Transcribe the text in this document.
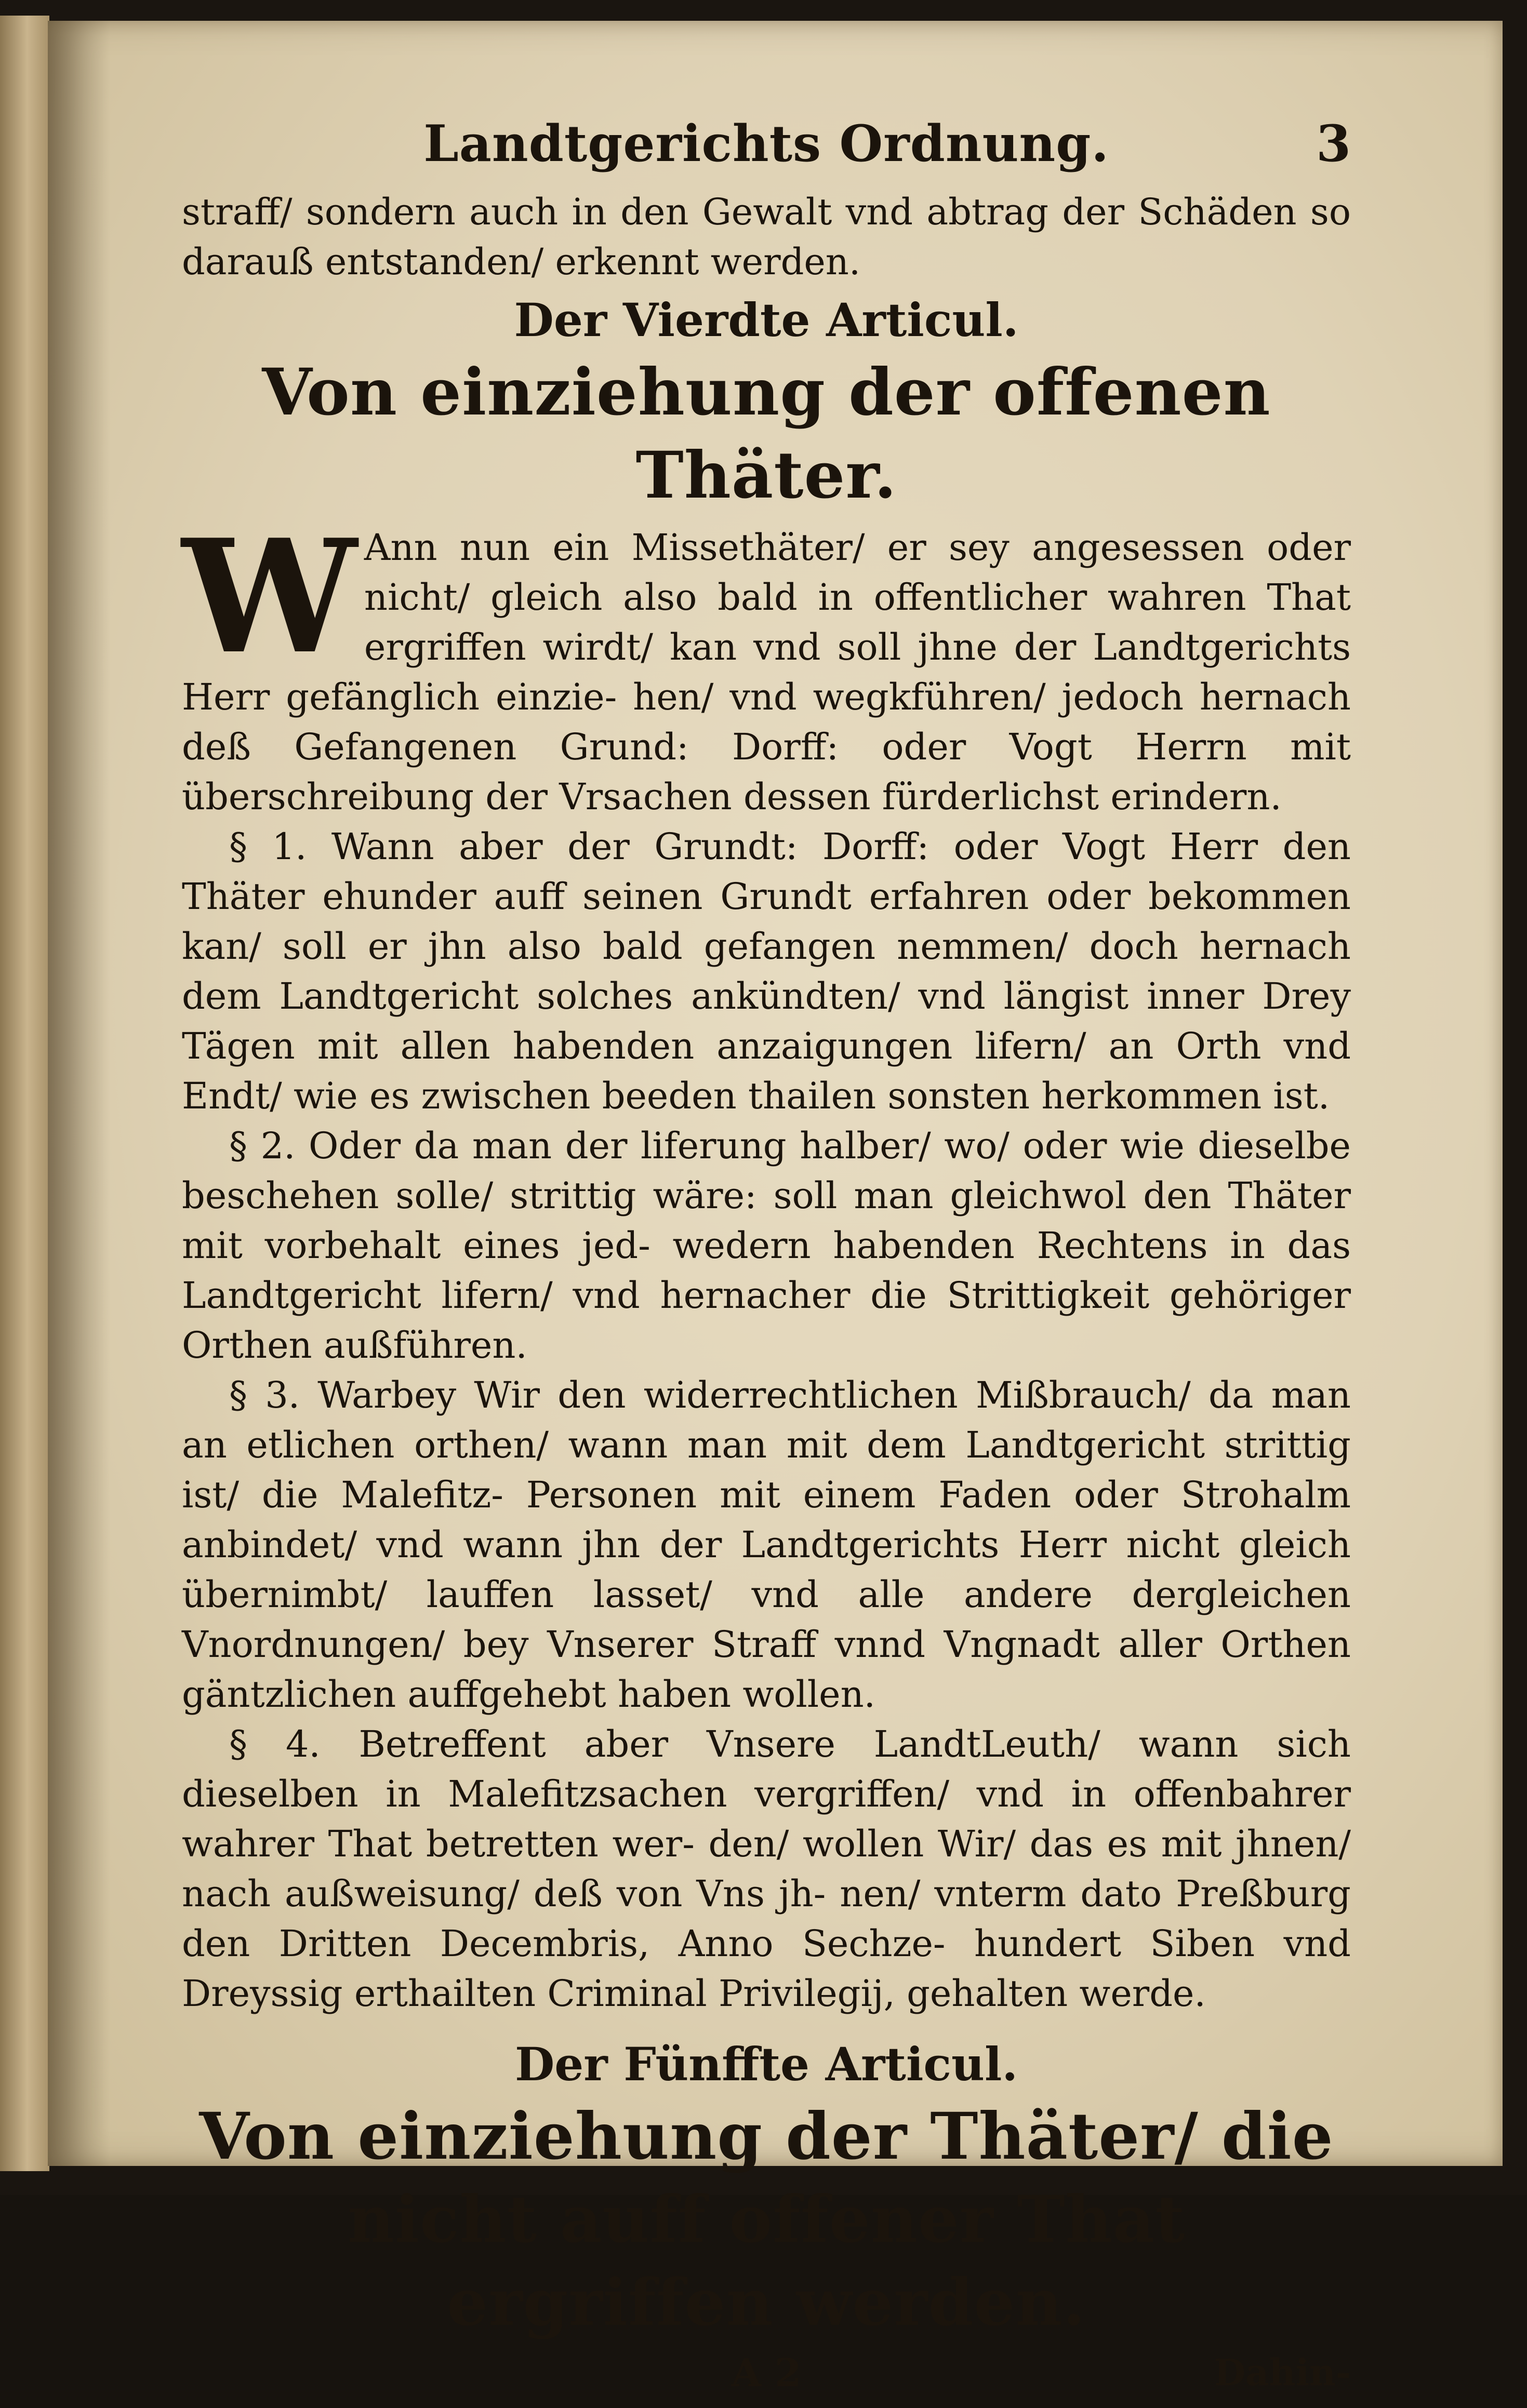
Landtgerichts Ordnung.	3

straff/ sondern auch in den Gewalt vnd abtrag der Schäden so darauß entstanden/ erkennt werden.

Der Vierdte Articul.
Von einziehung der offenen Thäter.

WAnn nun ein Missethäter/ er sey angesessen oder nicht/ gleich also bald in offentlicher wahren That ergriffen wirdt/ kan vnd soll jhne der Landtgerichts Herr gefänglich einzie- hen/ vnd wegkführen/ jedoch hernach deß Gefangenen Grund: Dorff: oder Vogt Herrn mit überschreibung der Vrsachen dessen fürderlichst erindern.

§ 1. Wann aber der Grundt: Dorff: oder Vogt Herr den Thäter ehunder auff seinen Grundt erfahren oder bekommen kan/ soll er jhn also bald gefangen nemmen/ doch hernach dem Landtgericht solches ankündten/ vnd längist inner Drey Tägen mit allen habenden anzaigungen lifern/ an Orth vnd Endt/ wie es zwischen beeden thailen sonsten herkommen ist.

§ 2. Oder da man der liferung halber/ wo/ oder wie dieselbe beschehen solle/ strittig wäre: soll man gleichwol den Thäter mit vorbehalt eines jed- wedern habenden Rechtens in das Landtgericht lifern/ vnd hernacher die Strittigkeit gehöriger Orthen außführen.

§ 3. Warbey Wir den widerrechtlichen Mißbrauch/ da man an etlichen orthen/ wann man mit dem Landtgericht strittig ist/ die Malefitz- Personen mit einem Faden oder Strohalm anbindet/ vnd wann jhn der Landtgerichts Herr nicht gleich übernimbt/ lauffen lasset/ vnd alle andere dergleichen Vnordnungen/ bey Vnserer Straff vnnd Vngnadt aller Orthen gäntzlichen auffgehebt haben wollen.

§ 4. Betreffent aber Vnsere LandtLeuth/ wann sich dieselben in Malefitzsachen vergriffen/ vnd in offenbahrer wahrer That betretten wer- den/ wollen Wir/ das es mit jhnen/ nach außweisung/ deß von Vns jh- nen/ vnterm dato Preßburg den Dritten Decembris, Anno Sechze- hundert Siben vnd Dreyssig erthailten Criminal Privilegij, gehalten werde.

Der Fünffte Articul.
Von einziehung der Thäter/ die nicht auff offener That ergriffen werden.
A 2	Dahin-
